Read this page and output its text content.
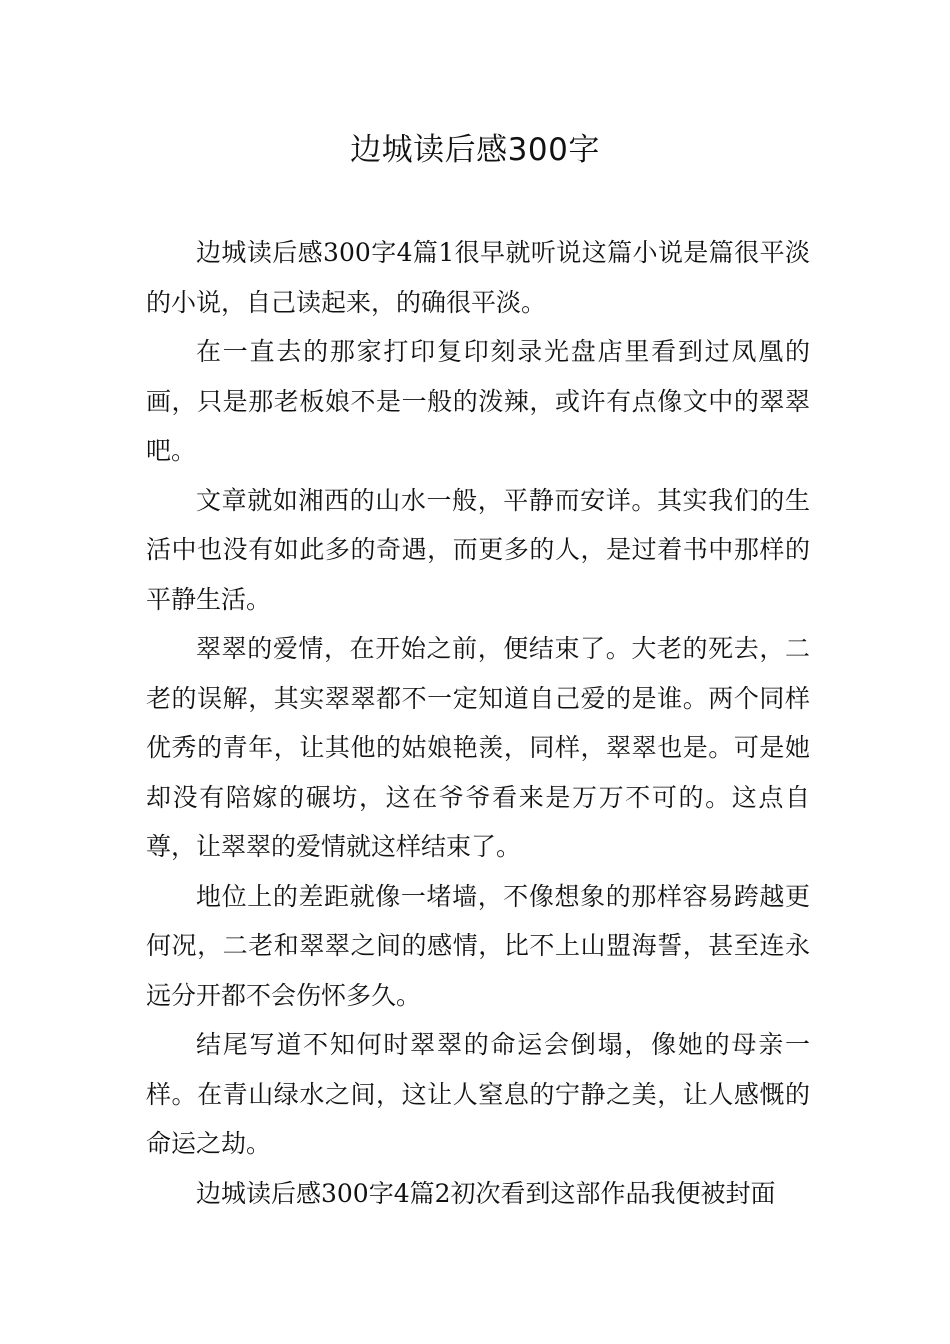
边城读后感300字

边城读后感300字4篇1很早就听说这篇小说是篇很平淡的小说，自己读起来，的确很平淡。

在一直去的那家打印复印刻录光盘店里看到过凤凰的画，只是那老板娘不是一般的泼辣，或许有点像文中的翠翠吧。

文章就如湘西的山水一般，平静而安详。其实我们的生活中也没有如此多的奇遇，而更多的人，是过着书中那样的平静生活。

翠翠的爱情，在开始之前，便结束了。大老的死去，二老的误解，其实翠翠都不一定知道自己爱的是谁。两个同样优秀的青年，让其他的姑娘艳羡，同样，翠翠也是。可是她却没有陪嫁的碾坊，这在爷爷看来是万万不可的。这点自尊，让翠翠的爱情就这样结束了。

地位上的差距就像一堵墙，不像想象的那样容易跨越更何况，二老和翠翠之间的感情，比不上山盟海誓，甚至连永远分开都不会伤怀多久。

结尾写道不知何时翠翠的命运会倒塌，像她的母亲一样。在青山绿水之间，这让人窒息的宁静之美，让人感慨的命运之劫。

边城读后感300字4篇2初次看到这部作品我便被封面
